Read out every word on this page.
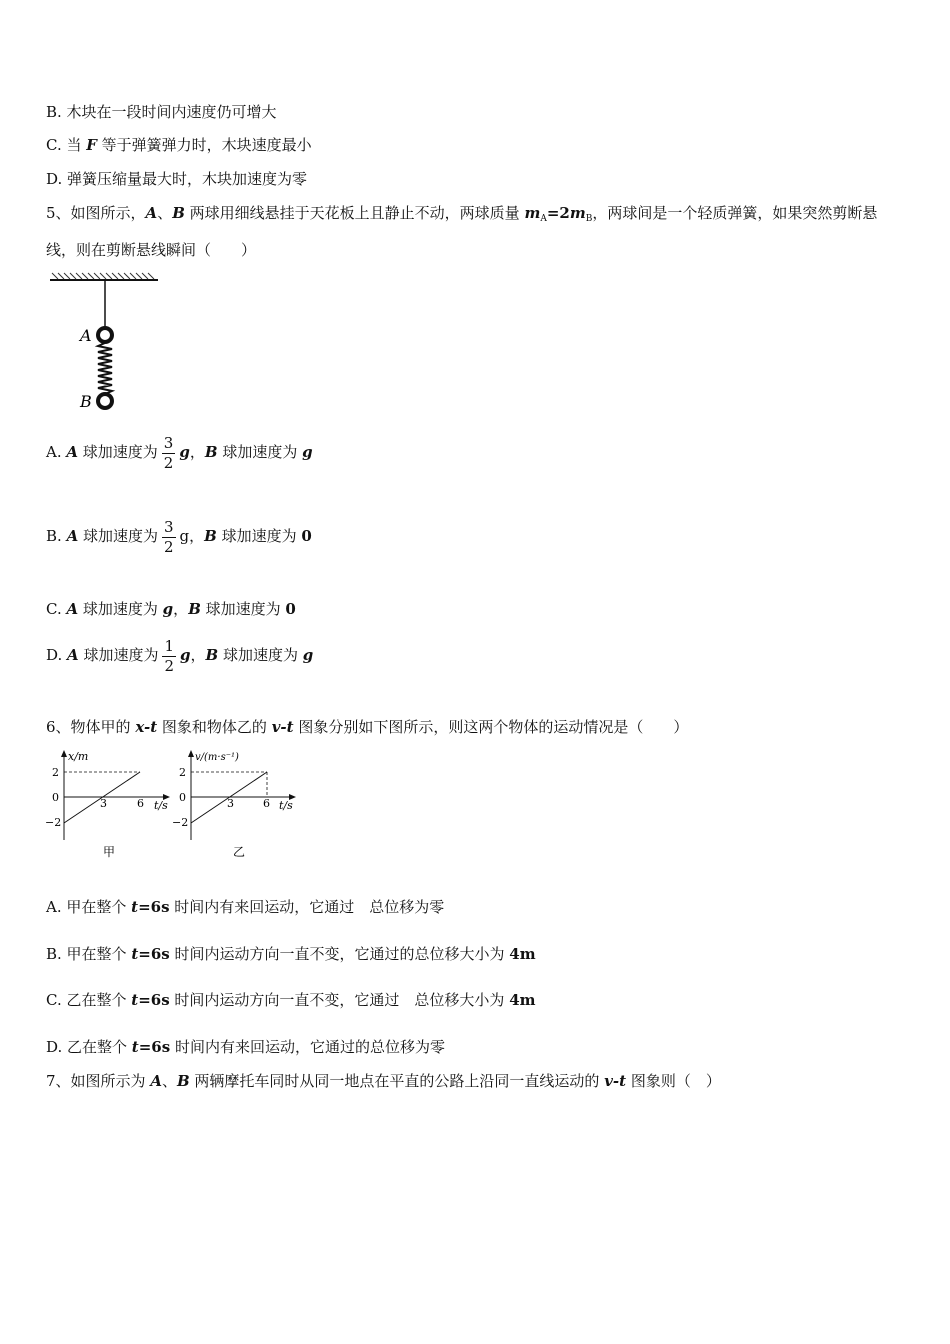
B. 木块在一段时间内速度仍可增大
C. 当 F 等于弹簧弹力时，木块速度最小
D. 弹簧压缩量最大时，木块加速度为零
5、如图所示，A、B 两球用细线悬挂于天花板上且静止不动，两球质量 $m_A=2m_B$，两球间是一个轻质弹簧，如果突然剪断悬
线，则在剪断悬线瞬间（　　）
A
B
A. A 球加速度为 $\frac{3}{2}$ g，B 球加速度为 g
B. A 球加速度为 $\frac{3}{2}$ g，B 球加速度为 0
C. A 球加速度为 g，B 球加速度为 0
D. A 球加速度为 $\frac{1}{2}$ g，B 球加速度为 g
6、物体甲的 x-t 图象和物体乙的 v-t 图象分别如下图所示，则这两个物体的运动情况是（　　）
x/m
2
0
−2
3	6 t/s
甲
v/(m·s⁻¹)
2
0
−2
3	6 t/s
乙
A. 甲在整个 t=6s 时间内有来回运动，它通过　总位移为零
B. 甲在整个 t=6s 时间内运动方向一直不变，它通过的总位移大小为 4m
C. 乙在整个 t=6s 时间内运动方向一直不变，它通过　总位移大小为 4m
D. 乙在整个 t=6s 时间内有来回运动，它通过的总位移为零
7、如图所示为 A、B 两辆摩托车同时从同一地点在平直的公路上沿同一直线运动的 v-t 图象则（　）
